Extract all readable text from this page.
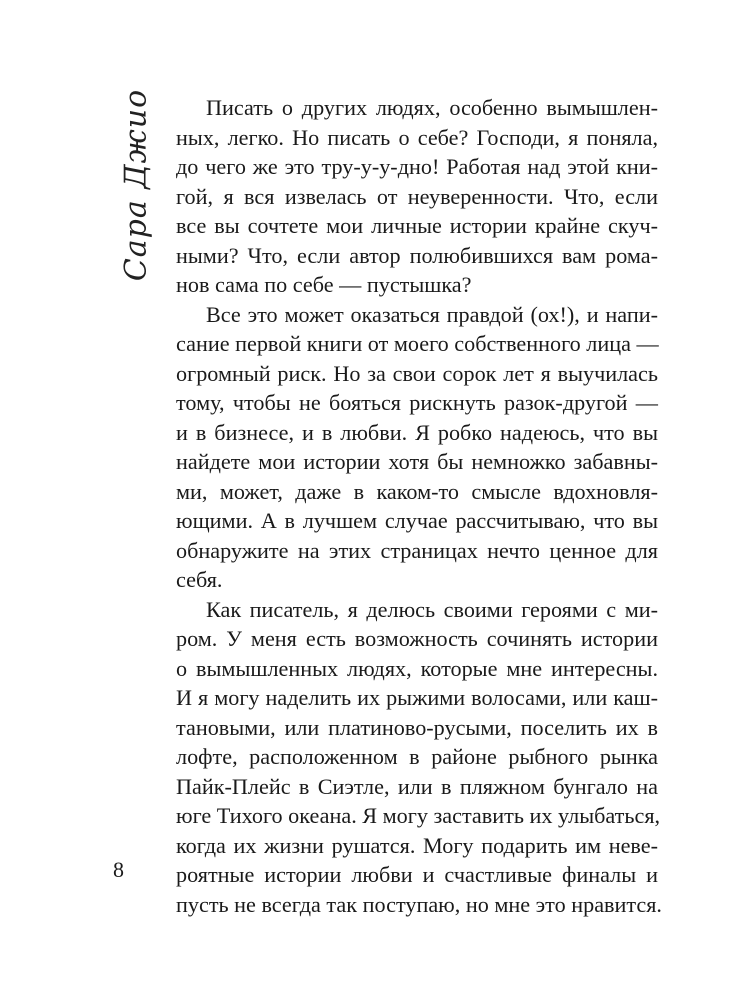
Сара Джио	Писать о других людях, особенно вымышлен-
ных, легко. Но писать о себе? Господи, я поняла,
до чего же это тру-у-у-дно! Работая над этой кни-
гой, я вся извелась от неуверенности. Что, если
все вы сочтете мои личные истории крайне скуч-
ными? Что, если автор полюбившихся вам рома-
нов сама по себе — пустышка?
Все это может оказаться правдой (ох!), и напи-
сание первой книги от моего собственного лица —
огромный риск. Но за свои сорок лет я выучилась
тому, чтобы не бояться рискнуть разок-другой —
и в бизнесе, и в любви. Я робко надеюсь, что вы
найдете мои истории хотя бы немножко забавны-
ми, может, даже в каком-то смысле вдохновля-
ющими. А в лучшем случае рассчитываю, что вы
обнаружите на этих страницах нечто ценное для
себя.
Как писатель, я делюсь своими героями с ми-
ром. У меня есть возможность сочинять истории
о вымышленных людях, которые мне интересны.
И я могу наделить их рыжими волосами, или каш-
тановыми, или платиново-русыми, поселить их в
лофте, расположенном в районе рыбного рынка
Пайк-Плейс в Сиэтле, или в пляжном бунгало на
юге Тихого океана. Я могу заставить их улыбаться,
когда их жизни рушатся. Могу подарить им неве-
роятные истории любви и счастливые финалы и
пусть не всегда так поступаю, но мне это нравится.
8
